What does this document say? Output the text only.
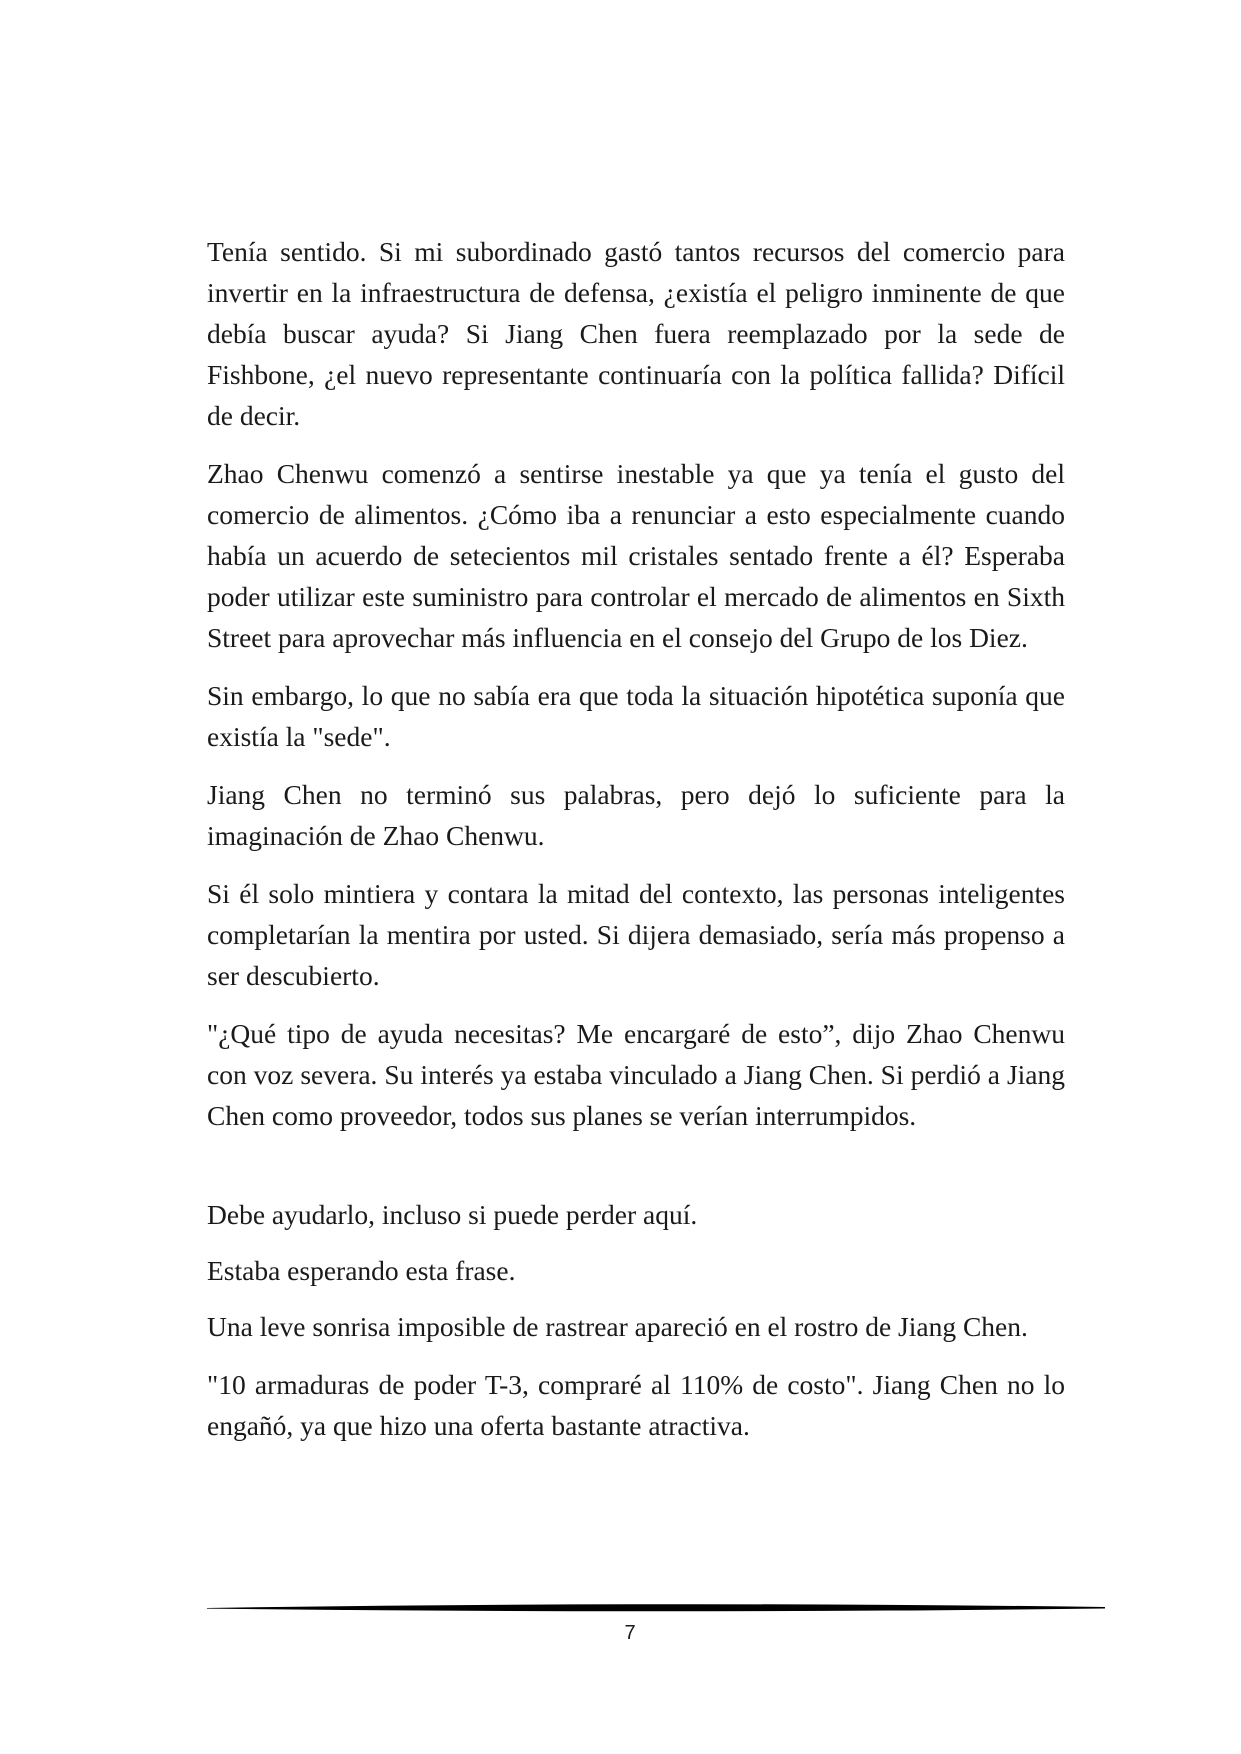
Tenía sentido. Si mi subordinado gastó tantos recursos del comercio para invertir en la infraestructura de defensa, ¿existía el peligro inminente de que debía buscar ayuda? Si Jiang Chen fuera reemplazado por la sede de Fishbone, ¿el nuevo representante continuaría con la política fallida? Difícil de decir.

Zhao Chenwu comenzó a sentirse inestable ya que ya tenía el gusto del comercio de alimentos. ¿Cómo iba a renunciar a esto especialmente cuando había un acuerdo de setecientos mil cristales sentado frente a él? Esperaba poder utilizar este suministro para controlar el mercado de alimentos en Sixth Street para aprovechar más influencia en el consejo del Grupo de los Diez.

Sin embargo, lo que no sabía era que toda la situación hipotética suponía que existía la "sede".

Jiang Chen no terminó sus palabras, pero dejó lo suficiente para la imaginación de Zhao Chenwu.

Si él solo mintiera y contara la mitad del contexto, las personas inteligentes completarían la mentira por usted. Si dijera demasiado, sería más propenso a ser descubierto.

"¿Qué tipo de ayuda necesitas? Me encargaré de esto”, dijo Zhao Chenwu con voz severa. Su interés ya estaba vinculado a Jiang Chen. Si perdió a Jiang Chen como proveedor, todos sus planes se verían interrumpidos.

Debe ayudarlo, incluso si puede perder aquí.

Estaba esperando esta frase.

Una leve sonrisa imposible de rastrear apareció en el rostro de Jiang Chen.

"10 armaduras de poder T-3, compraré al 110% de costo". Jiang Chen no lo engañó, ya que hizo una oferta bastante atractiva.

7
